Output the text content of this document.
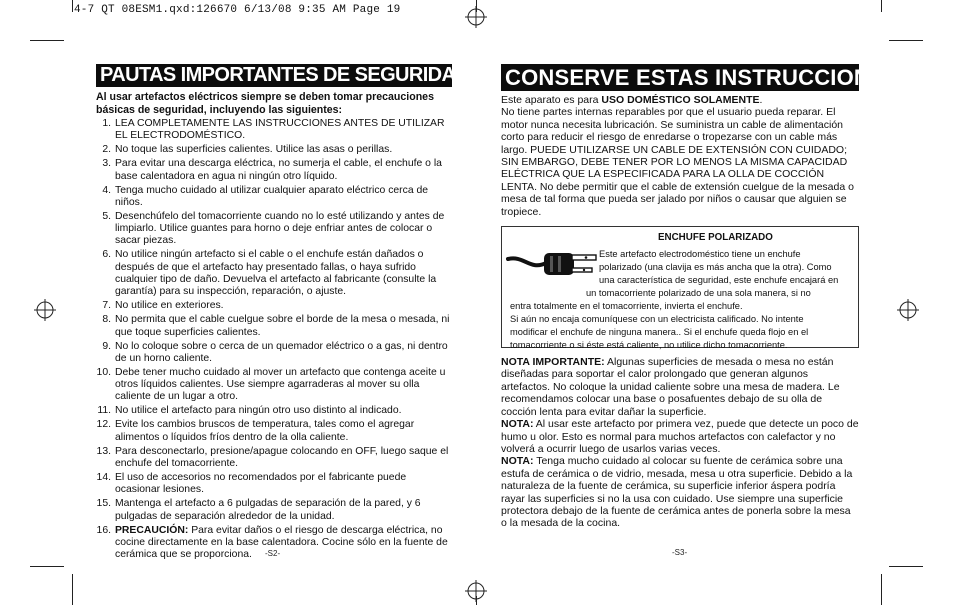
4-7 QT 08ESM1.qxd:126670 6/13/08 9:35 AM Page 19
PAUTAS IMPORTANTES DE SEGURIDAD
Al usar artefactos eléctricos siempre se deben tomar precauciones básicas de seguridad, incluyendo las siguientes:
1. LEA COMPLETAMENTE LAS INSTRUCCIONES ANTES DE UTILIZAR EL ELECTRODOMÉSTICO.
2. No toque las superficies calientes. Utilice las asas o perillas.
3. Para evitar una descarga eléctrica, no sumerja el cable, el enchufe o la base calentadora en agua ni ningún otro líquido.
4. Tenga mucho cuidado al utilizar cualquier aparato eléctrico cerca de niños.
5. Desenchúfelo del tomacorriente cuando no lo esté utilizando y antes de limpiarlo. Utilice guantes para horno o deje enfriar antes de colocar o sacar piezas.
6. No utilice ningún artefacto si el cable o el enchufe están dañados o después de que el artefacto hay presentado fallas, o haya sufrido cualquier tipo de daño. Devuelva el artefacto al fabricante (consulte la garantía) para su inspección, reparación, o ajuste.
7. No utilice en exteriores.
8. No permita que el cable cuelgue sobre el borde de la mesa o mesada, ni que toque superficies calientes.
9. No lo coloque sobre o cerca de un quemador eléctrico o a gas, ni dentro de un horno caliente.
10. Debe tener mucho cuidado al mover un artefacto que contenga aceite u otros líquidos calientes. Use siempre agarraderas al mover su olla caliente de un lugar a otro.
11. No utilice el artefacto para ningún otro uso distinto al indicado.
12. Evite los cambios bruscos de temperatura, tales como el agregar alimentos o líquidos fríos dentro de la olla caliente.
13. Para desconectarlo, presione/apague colocando en OFF, luego saque el enchufe del tomacorriente.
14. El uso de accesorios no recomendados por el fabricante puede ocasionar lesiones.
15. Mantenga el artefacto a 6 pulgadas de separación de la pared, y 6 pulgadas de separación alrededor de la unidad.
16. PRECAUCIÓN: Para evitar daños o el riesgo de descarga eléctrica, no cocine directamente en la base calentadora. Cocine sólo en la fuente de cerámica que se proporciona.	-S2-
CONSERVE ESTAS INSTRUCCIONES

Este aparato es para USO DOMÉSTICO SOLAMENTE.

No tiene partes internas reparables por que el usuario pueda reparar. El motor nunca necesita lubricación. Se suministra un cable de alimentación corto para reducir el riesgo de enredarse o tropezarse con un cable más largo. PUEDE UTILIZARSE UN CABLE DE EXTENSIÓN CON CUIDADO; SIN EMBARGO, DEBE TENER POR LO MENOS LA MISMA CAPACIDAD ELÉCTRICA QUE LA ESPECIFICADA PARA LA OLLA DE COCCIÓN LENTA. No debe permitir que el cable de extensión cuelgue de la mesada o mesa de tal forma que pueda ser jalado por niños o causar que alguien se tropiece.

ENCHUFE POLARIZADO
Este artefacto electrodoméstico tiene un enchufe
polarizado (una clavija es más ancha que la otra). Como
una característica de seguridad, este enchufe encajará en
un tomacorriente polarizado de una sola manera, si no
entra totalmente en el tomacorriente, invierta el enchufe.
Si aún no encaja comuníquese con un electricista calificado. No intente
modificar el enchufe de ninguna manera.. Si el enchufe queda flojo en el
tomacorriente o si éste está caliente, no utilice dicho tomacorriente.

NOTA IMPORTANTE: Algunas superficies de mesada o mesa no están diseñadas para soportar el calor prolongado que generan algunos artefactos. No coloque la unidad caliente sobre una mesa de madera. Le recomendamos colocar una base o posafuentes debajo de su olla de cocción lenta para evitar dañar la superficie.

NOTA: Al usar este artefacto por primera vez, puede que detecte un poco de humo u olor. Esto es normal para muchos artefactos con calefactor y no volverá a ocurrir luego de usarlos varias veces.

NOTA: Tenga mucho cuidado al colocar su fuente de cerámica sobre una estufa de cerámica o de vidrio, mesada, mesa u otra superficie. Debido a la naturaleza de la fuente de cerámica, su superficie inferior áspera podría rayar las superficies si no la usa con cuidado. Use siempre una superficie protectora debajo de la fuente de cerámica antes de ponerla sobre la mesa o la mesada de la cocina.

-S3-
